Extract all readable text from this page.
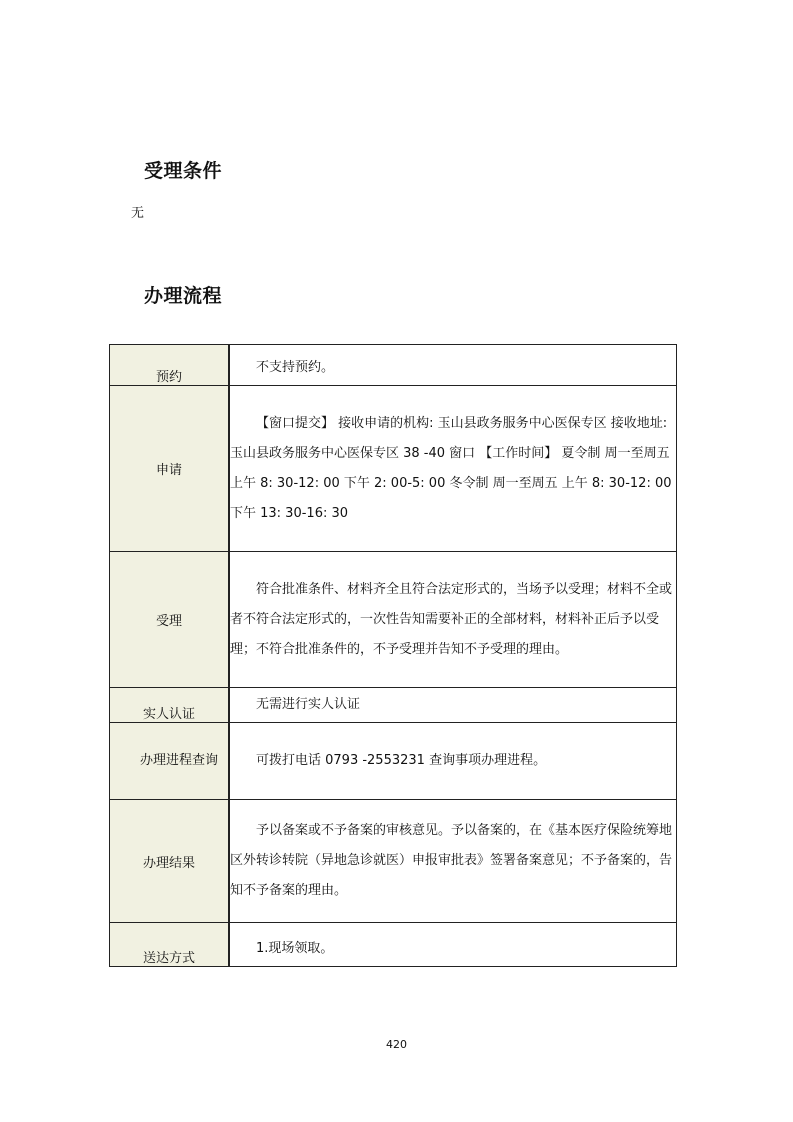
受理条件
无
办理流程
预约	不支持预约。
申请	【窗口提交】 接收申请的机构: 玉山县政务服务中心医保专区 接收地址: 玉山县政务服务中心医保专区 38 -40 窗口 【工作时间】 夏令制 周一至周五 上午 8: 30-12: 00 下午 2: 00-5: 00 冬令制 周一至周五 上午 8: 30-12: 00 下午 13: 30-16: 30
受理	符合批准条件、材料齐全且符合法定形式的，当场予以受理；材料不全或者不符合法定形式的，一次性告知需要补正的全部材料，材料补正后予以受理；不符合批准条件的，不予受理并告知不予受理的理由。
实人认证	无需进行实人认证
办理进程查询	可拨打电话 0793 -2553231 查询事项办理进程。
办理结果	予以备案或不予备案的审核意见。予以备案的，在《基本医疗保险统筹地区外转诊转院（异地急诊就医）申报审批表》签署备案意见；不予备案的，告知不予备案的理由。
送达方式	1.现场领取。
420
